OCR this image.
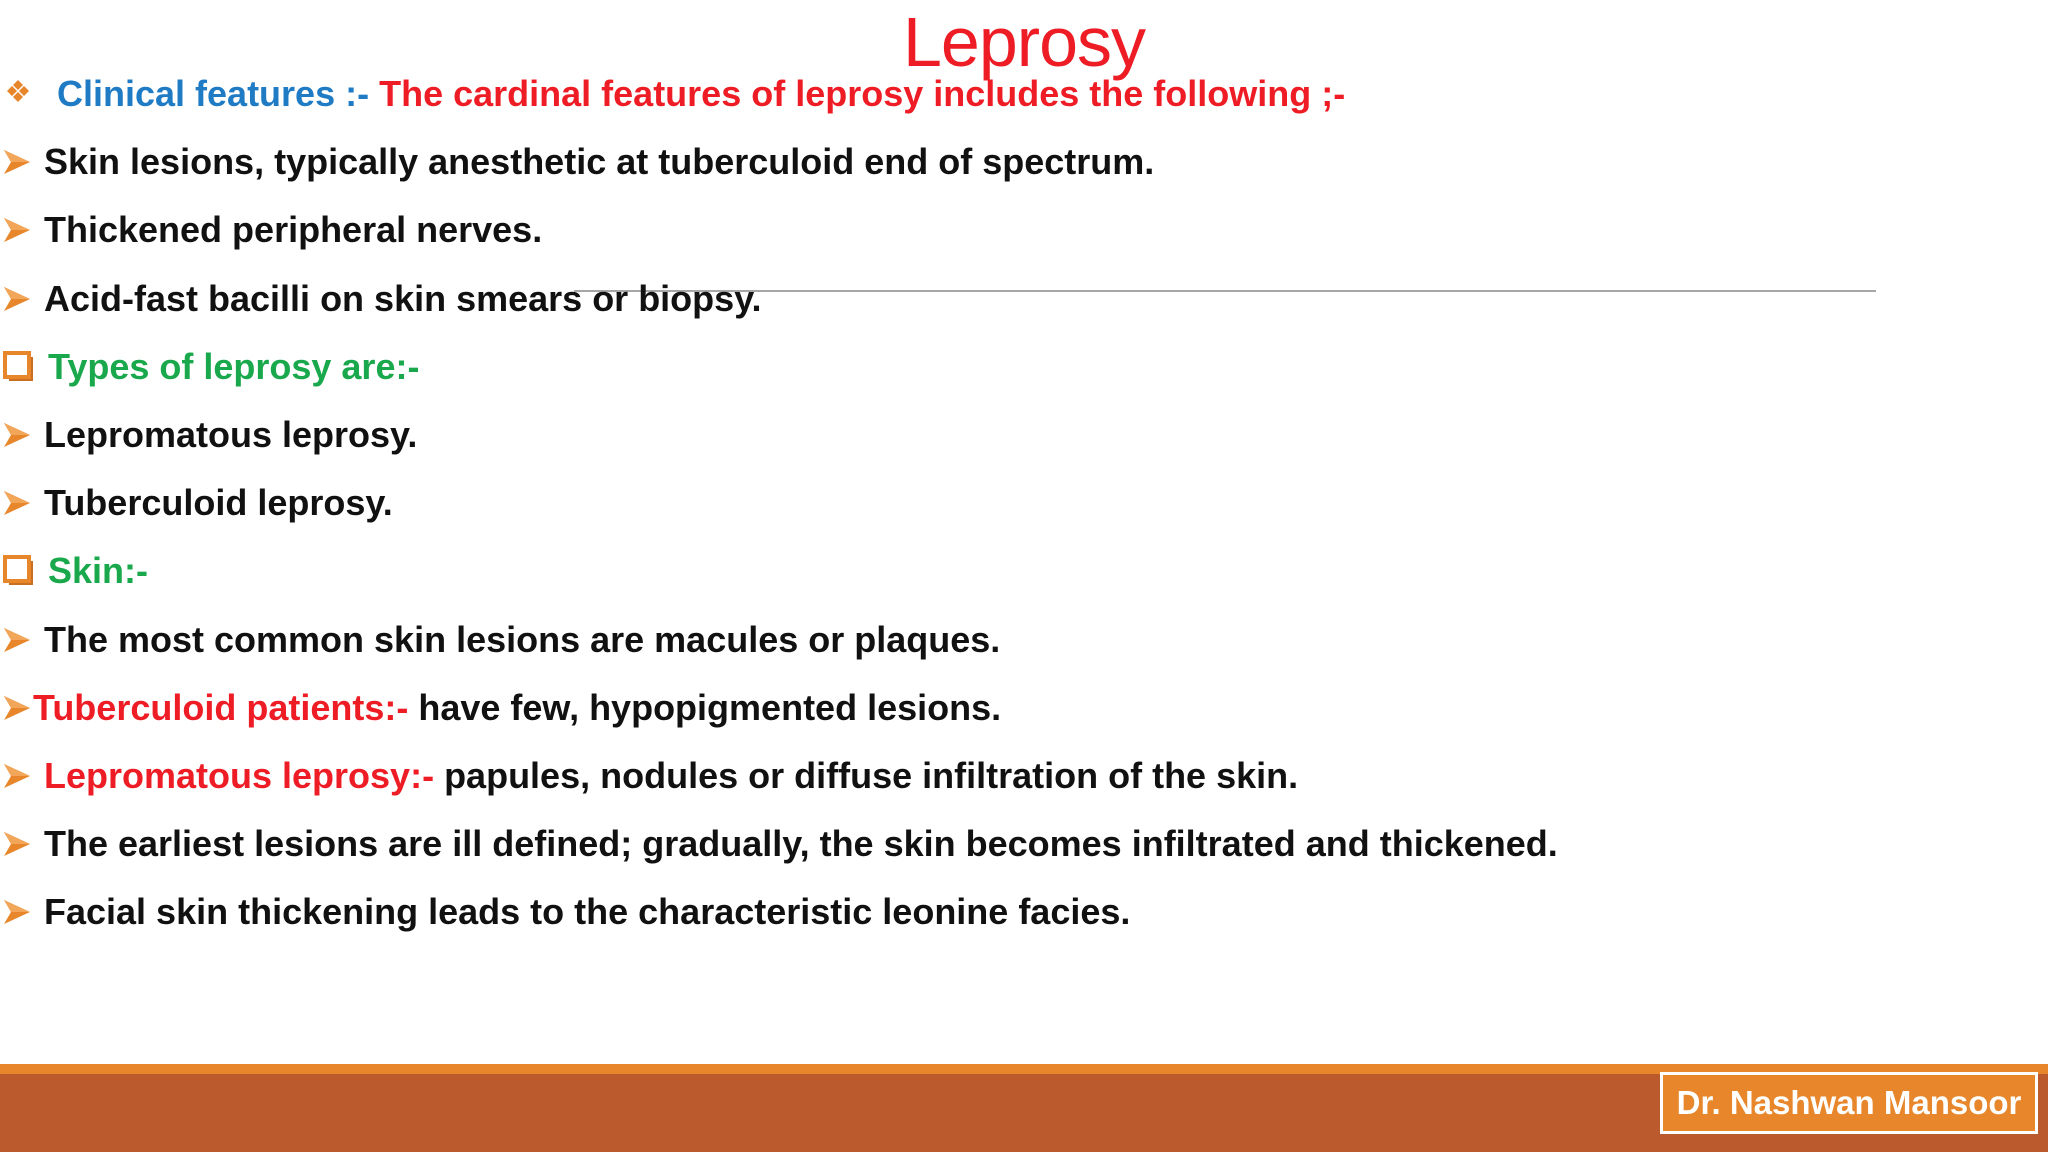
Leprosy
Clinical features :- The cardinal features of leprosy includes the following ;-
Skin lesions, typically anesthetic at tuberculoid end of spectrum.
Thickened peripheral nerves.
Acid-fast bacilli on skin smears or biopsy.
Types of leprosy are:-
Lepromatous leprosy.
Tuberculoid leprosy.
Skin:-
The most common skin lesions are macules or plaques.
Tuberculoid patients:- have few, hypopigmented lesions.
Lepromatous leprosy:- papules, nodules or diffuse infiltration of the skin.
The earliest lesions are ill defined; gradually, the skin becomes infiltrated and thickened.
Facial skin thickening leads to the characteristic leonine facies.
Dr. Nashwan Mansoor
